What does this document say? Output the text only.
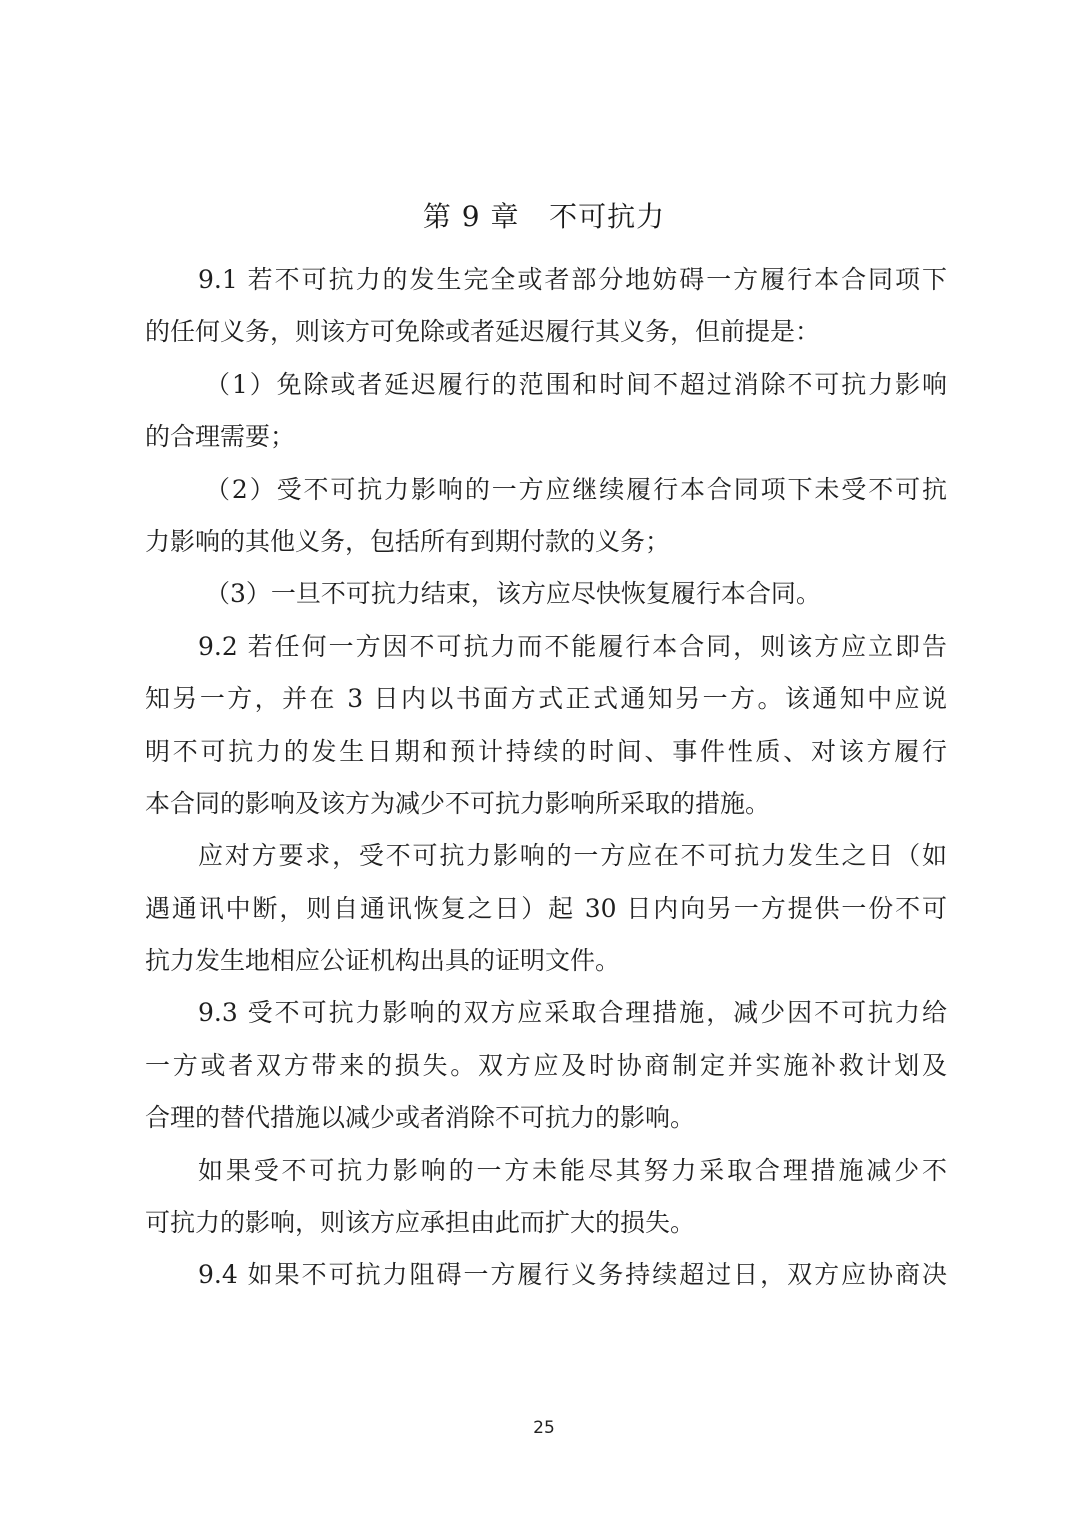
第 9 章   不可抗力
9.1 若不可抗力的发生完全或者部分地妨碍一方履行本合同项下
的任何义务，则该方可免除或者延迟履行其义务，但前提是：
（1）免除或者延迟履行的范围和时间不超过消除不可抗力影响
的合理需要；
（2）受不可抗力影响的一方应继续履行本合同项下未受不可抗
力影响的其他义务，包括所有到期付款的义务；
（3）一旦不可抗力结束，该方应尽快恢复履行本合同。
9.2 若任何一方因不可抗力而不能履行本合同，则该方应立即告
知另一方，并在 3 日内以书面方式正式通知另一方。该通知中应说
明不可抗力的发生日期和预计持续的时间、事件性质、对该方履行
本合同的影响及该方为减少不可抗力影响所采取的措施。
应对方要求，受不可抗力影响的一方应在不可抗力发生之日（如
遇通讯中断，则自通讯恢复之日）起 30 日内向另一方提供一份不可
抗力发生地相应公证机构出具的证明文件。
9.3 受不可抗力影响的双方应采取合理措施，减少因不可抗力给
一方或者双方带来的损失。双方应及时协商制定并实施补救计划及
合理的替代措施以减少或者消除不可抗力的影响。
如果受不可抗力影响的一方未能尽其努力采取合理措施减少不
可抗力的影响，则该方应承担由此而扩大的损失。
9.4 如果不可抗力阻碍一方履行义务持续超过日，双方应协商决
25
